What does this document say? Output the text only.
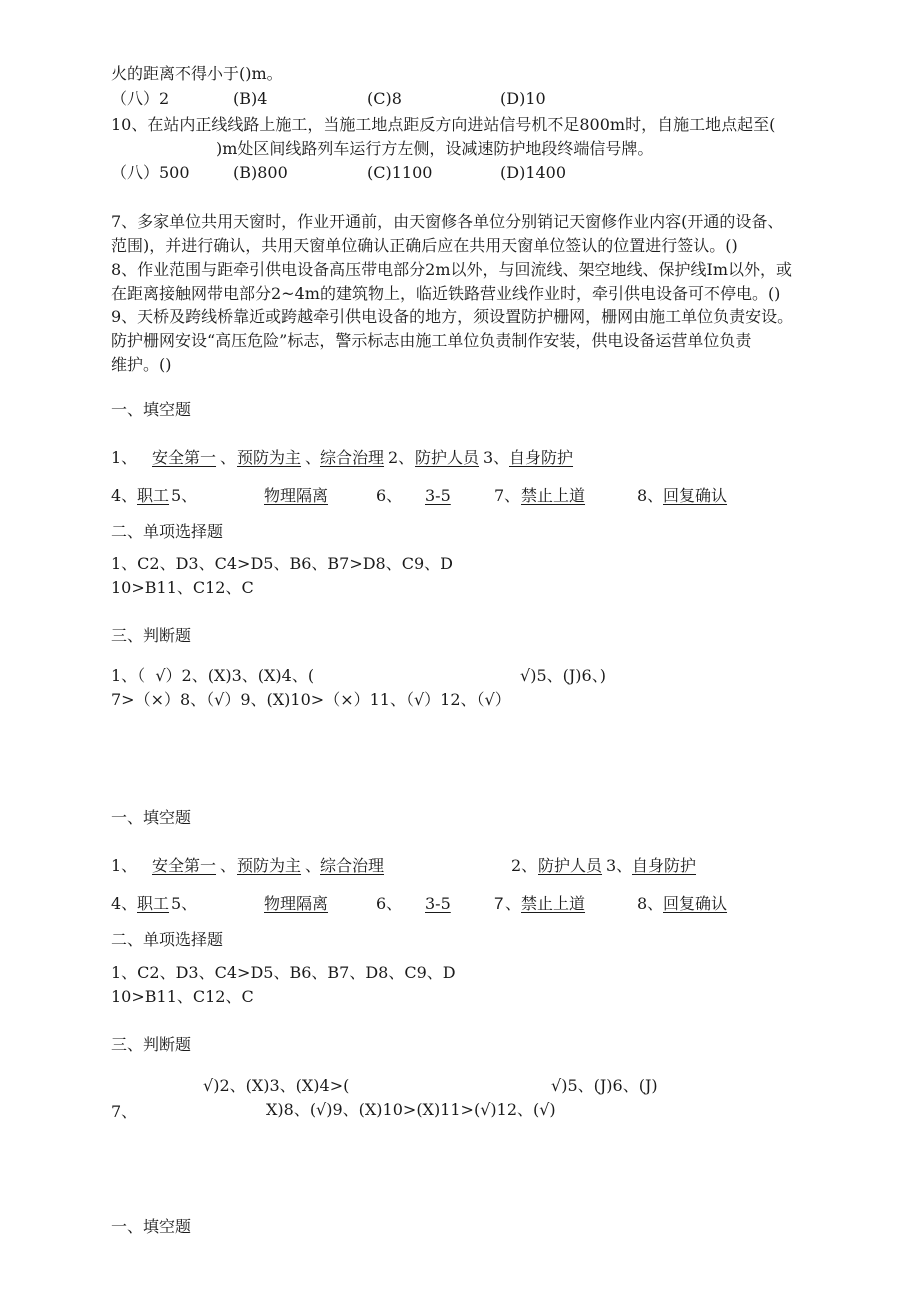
火的距离不得小于()m。
（八）2	(B)4	(C)8	(D)10
10、在站内正线线路上施工，当施工地点距反方向进站信号机不足800m时，自施工地点起至(
)m处区间线路列车运行方左侧，设减速防护地段终端信号牌。
（八）500	(B)800	(C)1100	(D)1400
7、多家单位共用天窗时，作业开通前，由天窗修各单位分别销记天窗修作业内容(开通的设备、
范围)，并进行确认，共用天窗单位确认正确后应在共用天窗单位签认的位置进行签认。()
8、作业范围与距牵引供电设备高压带电部分2m以外，与回流线、架空地线、保护线Im以外，或
在距离接触网带电部分2~4m的建筑物上，临近铁路营业线作业时，牵引供电设备可不停电。()
9、天桥及跨线桥靠近或跨越牵引供电设备的地方，须设置防护栅网，栅网由施工单位负责安设。
防护栅网安设“高压危险”标志，警示标志由施工单位负责制作安装，供电设备运营单位负责
维护。()
一、填空题
1、 安全第一 、 预防为主 、
综合治理 2、 防护人员 3、 自身防护
4、 职工 5、	物理隔离	6、 3-5	7、 禁止上道	8、 回复确认
二、单项选择题
1、C2、D3、C4>D5、B6、B7>D8、C9、D
10>B11、C12、C
三、判断题
1、（  √）2、(X)3、(X)4、(	√)5、(J)6、)
7>（×）8、（√）9、(X)10>（×）11、（√）12、（√）
一、填空题
1、 安全第一 、 预防为主 、
综合治理	2、 防护人员 3、 自身防护
4、 职工 5、	物理隔离	6、 3-5	7 、 禁止上道	8、 回复确认
二、单项选择题
1、C2、D3、C4>D5、B6、B7、D8、C9、D
10>B11、C12、C
三、判断题
√)2、(X)3、(X)4>(	√)5、(J)6、(J)
7、	X)8、(√)9、(X)10>(X)11>(√)12、(√)
一、填空题
